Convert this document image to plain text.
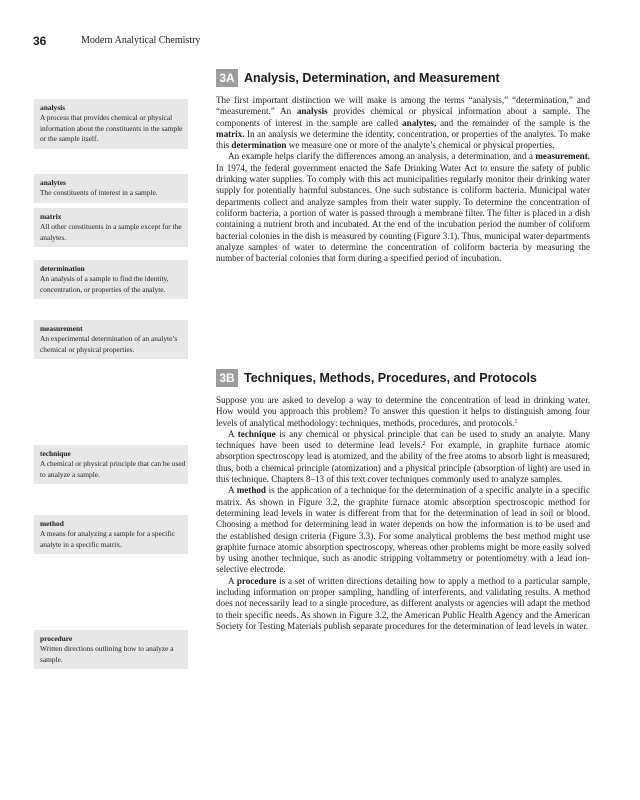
36	Modern Analytical Chemistry
analysis
A process that provides chemical or physical information about the constituents in the sample or the sample itself.
analytes
The constituents of interest in a sample.
matrix
All other constituents in a sample except for the analytes.
determination
An analysis of a sample to find the identity, concentration, or properties of the analyte.
measurement
An experimental determination of an analyte’s chemical or physical properties.
technique
A chemical or physical principle that can be used to analyze a sample.
method
A means for analyzing a sample for a specific analyte in a specific matrix.
procedure
Written directions outlining how to analyze a sample.
3A Analysis, Determination, and Measurement

The first important distinction we will make is among the terms “analysis,” “determination,” and “measurement.” An analysis provides chemical or physical information about a sample. The components of interest in the sample are called analytes, and the remainder of the sample is the matrix. In an analysis we determine the identity, concentration, or properties of the analytes. To make this determination we measure one or more of the analyte’s chemical or physical properties.

An example helps clarify the differences among an analysis, a determination, and a measurement. In 1974, the federal government enacted the Safe Drinking Water Act to ensure the safety of public drinking water supplies. To comply with this act municipalities regularly monitor their drinking water supply for potentially harmful substances. One such substance is coliform bacteria. Municipal water departments collect and analyze samples from their water supply. To determine the concentration of coliform bacteria, a portion of water is passed through a membrane filter. The filter is placed in a dish containing a nutrient broth and incubated. At the end of the incubation period the number of coliform bacterial colonies in the dish is measured by counting (Figure 3.1). Thus, municipal water departments analyze samples of water to determine the concentration of coliform bacteria by measuring the number of bacterial colonies that form during a specified period of incubation.

3B Techniques, Methods, Procedures, and Protocols

Suppose you are asked to develop a way to determine the concentration of lead in drinking water. How would you approach this problem? To answer this question it helps to distinguish among four levels of analytical methodology: techniques, methods, procedures, and protocols.$^1$

A technique is any chemical or physical principle that can be used to study an analyte. Many techniques have been used to determine lead levels.$^2$ For example, in graphite furnace atomic absorption spectroscopy lead is atomized, and the ability of the free atoms to absorb light is measured; thus, both a chemical principle (atomization) and a physical principle (absorption of light) are used in this technique. Chapters 8–13 of this text cover techniques commonly used to analyze samples.

A method is the application of a technique for the determination of a specific analyte in a specific matrix. As shown in Figure 3.2, the graphite furnace atomic absorption spectroscopic method for determining lead levels in water is different from that for the determination of lead in soil or blood. Choosing a method for determining lead in water depends on how the information is to be used and the established design criteria (Figure 3.3). For some analytical problems the best method might use graphite furnace atomic absorption spectroscopy, whereas other problems might be more easily solved by using another technique, such as anodic stripping voltammetry or potentiometry with a lead ion-selective electrode.

A procedure is a set of written directions detailing how to apply a method to a particular sample, including information on proper sampling, handling of interferents, and validating results. A method does not necessarily lead to a single procedure, as different analysts or agencies will adapt the method to their specific needs. As shown in Figure 3.2, the American Public Health Agency and the American Society for Testing Materials publish separate procedures for the determination of lead levels in water.
